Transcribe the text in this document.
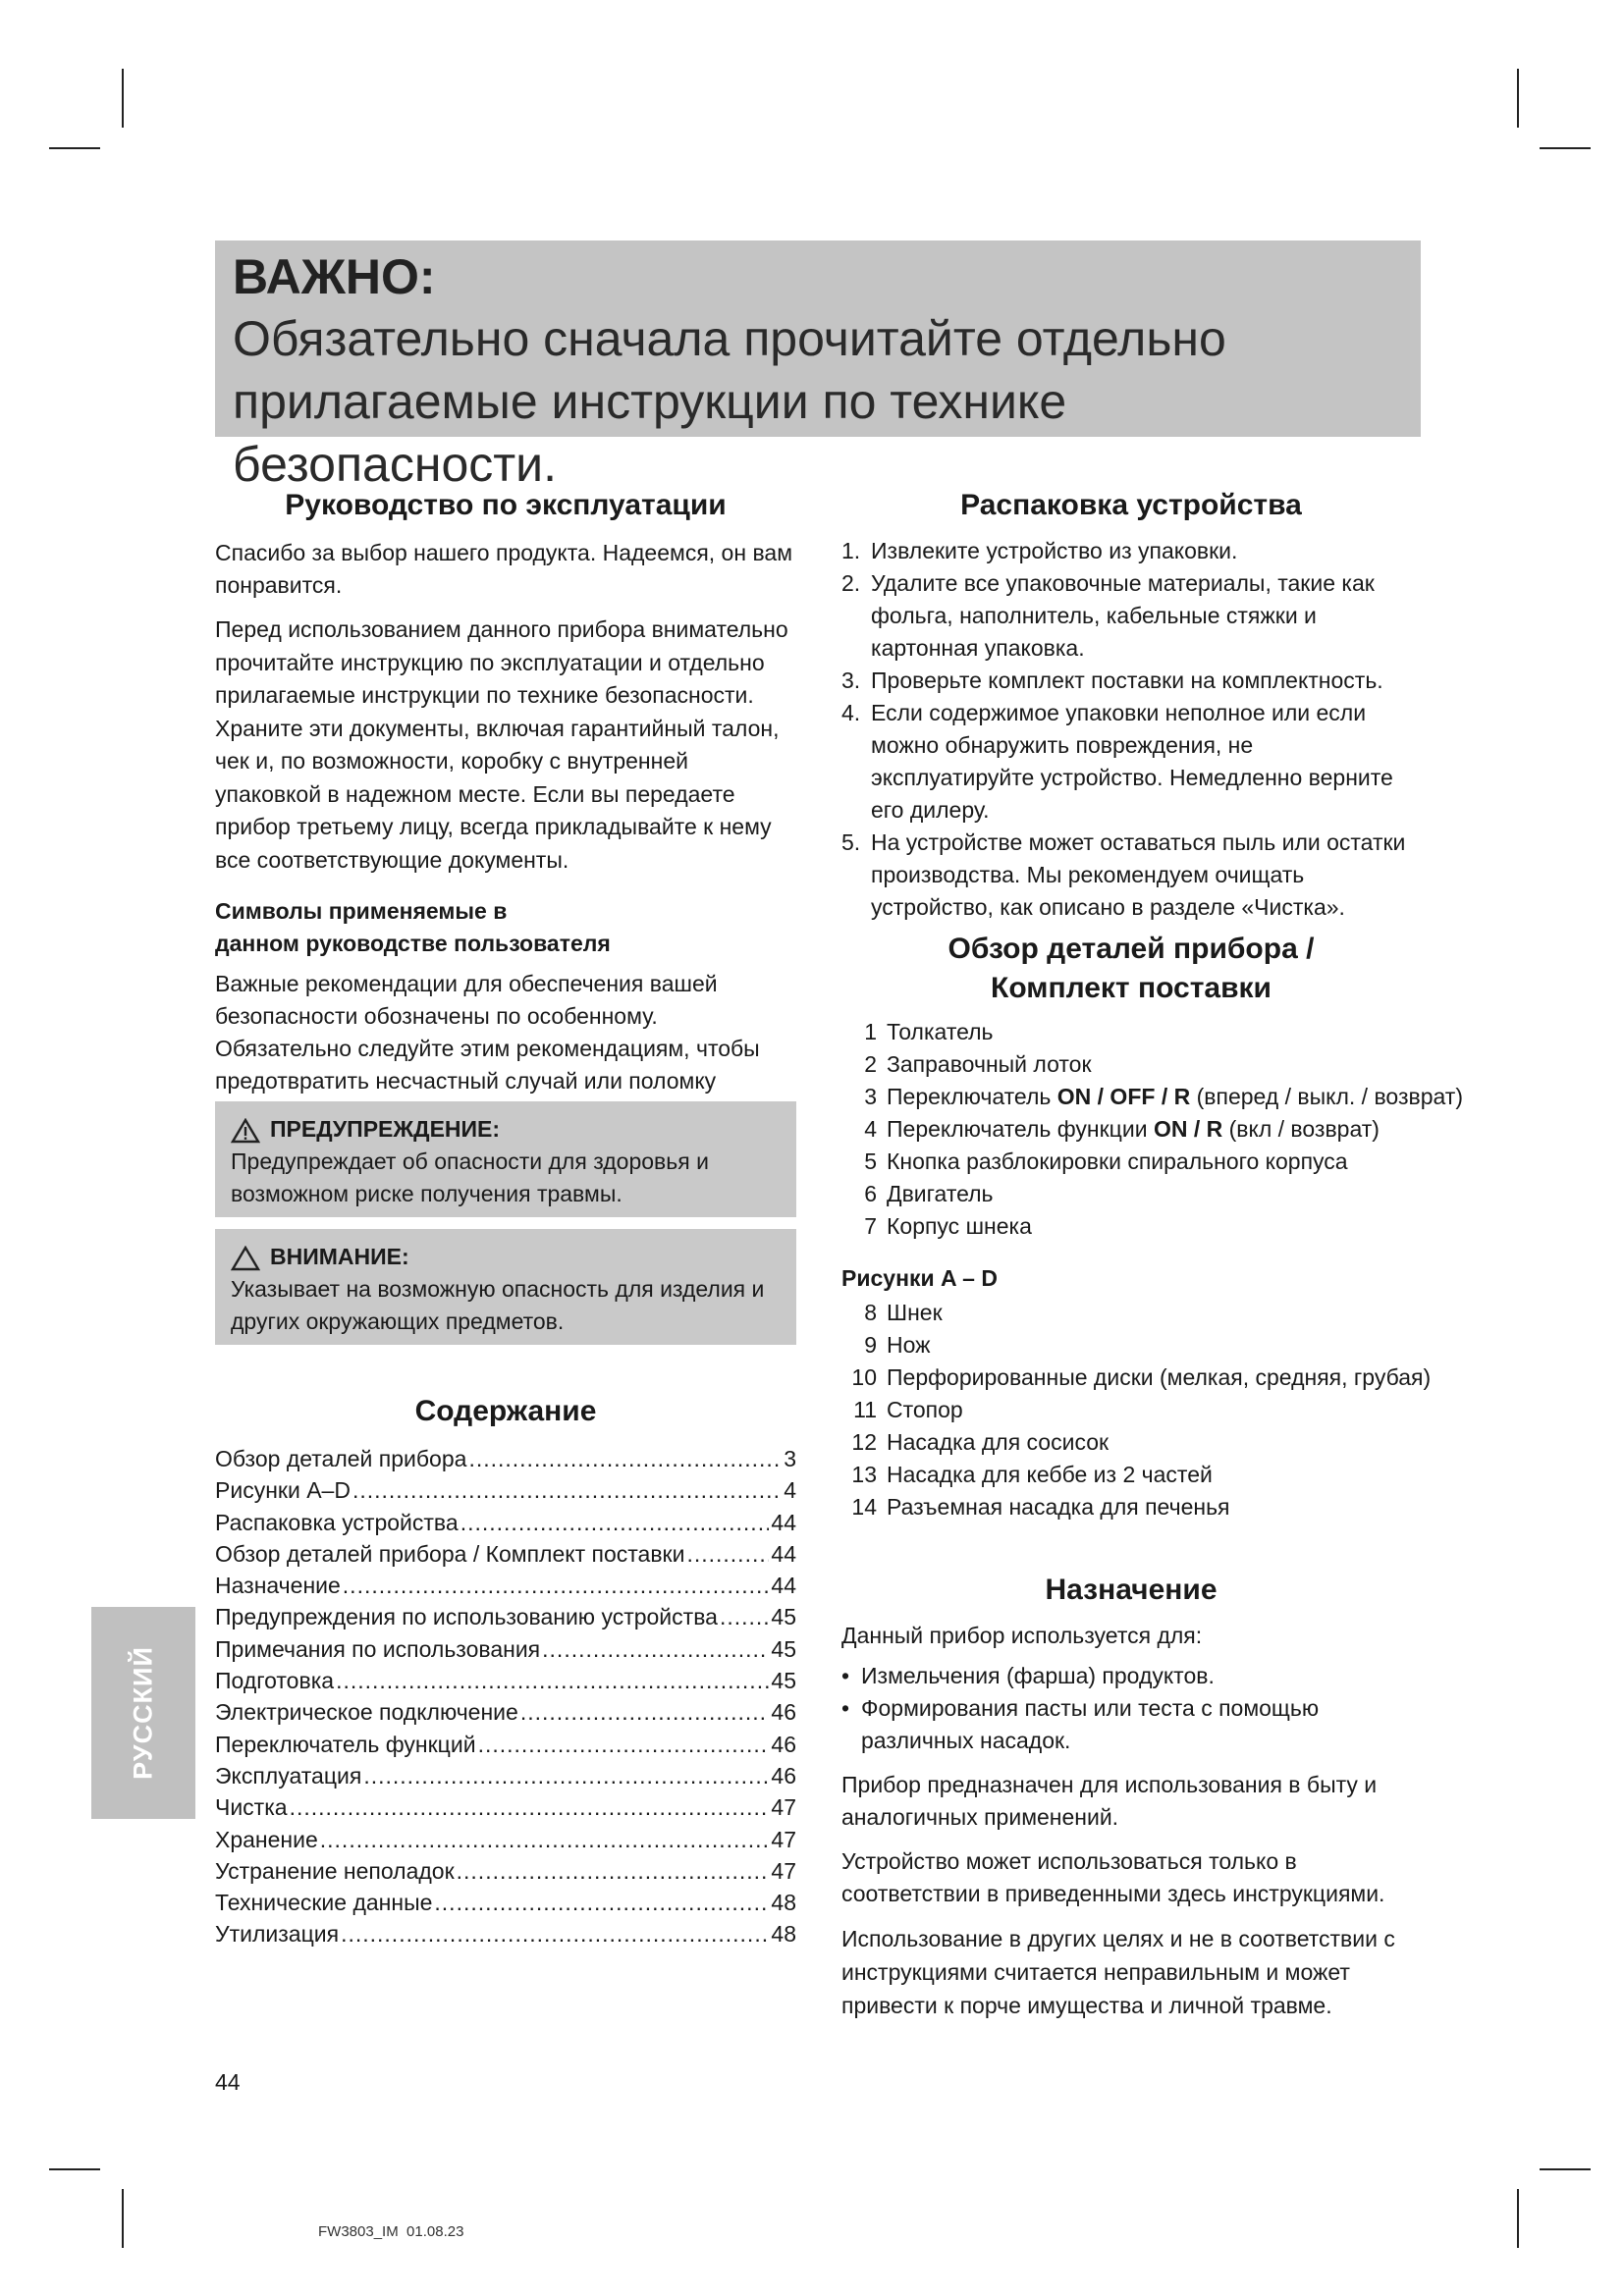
ВАЖНО:
Обязательно сначала прочитайте отдельно прилагаемые инструкции по технике безопасности.
Руководство по эксплуатации

Спасибо за выбор нашего продукта. Надеемся, он вам понравится.

Перед использованием данного прибора внимательно прочитайте инструкцию по эксплуатации и отдельно прилагаемые инструкции по технике безопасности. Храните эти документы, включая гарантийный талон, чек и, по возможности, коробку с внутренней упаковкой в надежном месте. Если вы передаете прибор третьему лицу, всегда прикладывайте к нему все соответствующие документы.

Символы применяемые в
данном руководстве пользователя

Важные рекомендации для обеспечения вашей безопасности обозначены по особенному. Обязательно следуйте этим рекомендациям, чтобы предотвратить несчастный случай или поломку

ПРЕДУПРЕЖДЕНИЕ:
Предупреждает об опасности для здоровья и возможном риске получения травмы.
ВНИМАНИЕ:
Указывает на возможную опасность для изделия и других окружающих предметов.
Содержание
Обзор деталей прибора .....	3
Рисунки A–D .....	4
Распаковка устройства .....	44
Обзор деталей прибора / Комплект поставки .....	44
Назначение .....	44
Предупреждения по использованию устройства ..... 45
Примечания по использования .....	45
Подготовка .....	45
Электрическое подключение .....	46
Переключатель функций .....	46
Эксплуатация .....	46
Чистка .....	47
Хранение .....	47
Устранение неполадок .....	47
Технические данные .....	48
Утилизация .....	48
Распаковка устройства
1. Извлеките устройство из упаковки.
2. Удалите все упаковочные материалы, такие как фольга, наполнитель, кабельные стяжки и картонная упаковка.
3. Проверьте комплект поставки на комплектность.
4. Если содержимое упаковки неполное или если можно обнаружить повреждения, не эксплуатируйте устройство. Немедленно верните его дилеру.
5. На устройстве может оставаться пыль или остатки производства. Мы рекомендуем очищать устройство, как описано в разделе «Чистка».
Обзор деталей прибора /
Комплект поставки
1 Толкатель
2 Заправочный лоток
3 Переключатель ON / OFF / R (вперед / выкл. / возврат)
4 Переключатель функции ON / R (вкл / возврат)
5 Кнопка разблокировки спирального корпуса
6 Двигатель
7 Корпус шнека
Рисунки A – D
8 Шнек
9 Нож
10 Перфорированные диски (мелкая, средняя, грубая)
11 Стопор
12 Насадка для сосисок
13 Насадка для кеббе из 2 частей
14 Разъемная насадка для печенья
Назначение

Данный прибор используется для:

• Измельчения (фарша) продуктов.
• Формирования пасты или теста с помощью различных насадок.

Прибор предназначен для использования в быту и аналогичных применений.

Устройство может использоваться только в соответствии в приведенными здесь инструкциями.

Использование в других целях и не в соответствии с инструкциями считается неправильным и может привести к порче имущества и личной травме.

РУССКИЙ
44
FW3803_IM  01.08.23
